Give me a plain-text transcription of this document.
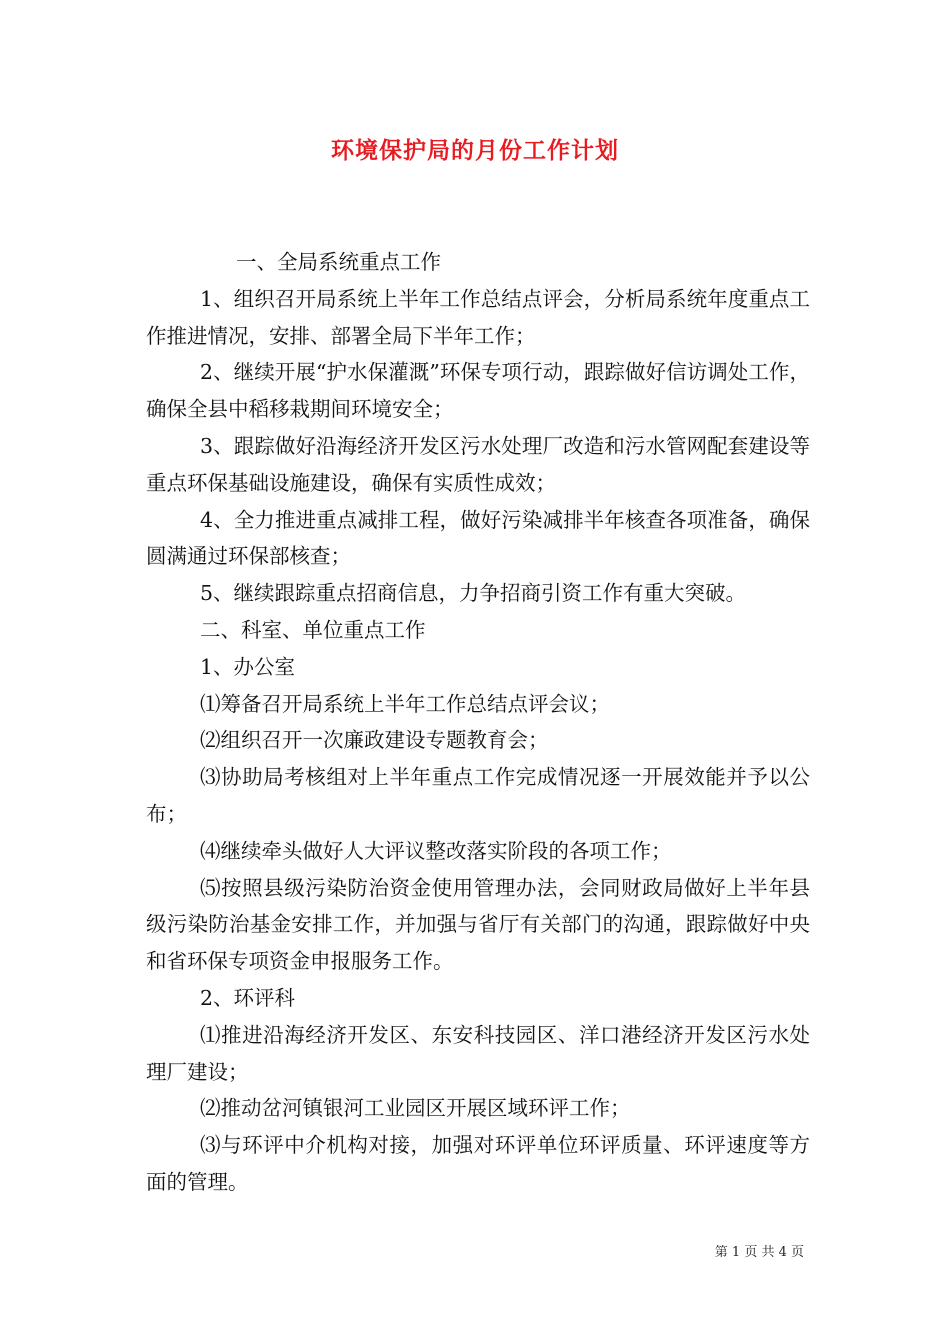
环境保护局的月份工作计划

一、全局系统重点工作

1、组织召开局系统上半年工作总结点评会，分析局系统年度重点工作推进情况，安排、部署全局下半年工作；

2、继续开展“护水保灌溉”环保专项行动，跟踪做好信访调处工作，确保全县中稻移栽期间环境安全；

3、跟踪做好沿海经济开发区污水处理厂改造和污水管网配套建设等重点环保基础设施建设，确保有实质性成效；

4、全力推进重点减排工程，做好污染减排半年核查各项准备，确保圆满通过环保部核查；

5、继续跟踪重点招商信息，力争招商引资工作有重大突破。

二、科室、单位重点工作

1、办公室

⑴筹备召开局系统上半年工作总结点评会议；

⑵组织召开一次廉政建设专题教育会；

⑶协助局考核组对上半年重点工作完成情况逐一开展效能并予以公布；

⑷继续牵头做好人大评议整改落实阶段的各项工作；

⑸按照县级污染防治资金使用管理办法，会同财政局做好上半年县级污染防治基金安排工作，并加强与省厅有关部门的沟通，跟踪做好中央和省环保专项资金申报服务工作。

2、环评科

⑴推进沿海经济开发区、东安科技园区、洋口港经济开发区污水处理厂建设；

⑵推动岔河镇银河工业园区开展区域环评工作；

⑶与环评中介机构对接，加强对环评单位环评质量、环评速度等方面的管理。

第 1 页 共 4 页
